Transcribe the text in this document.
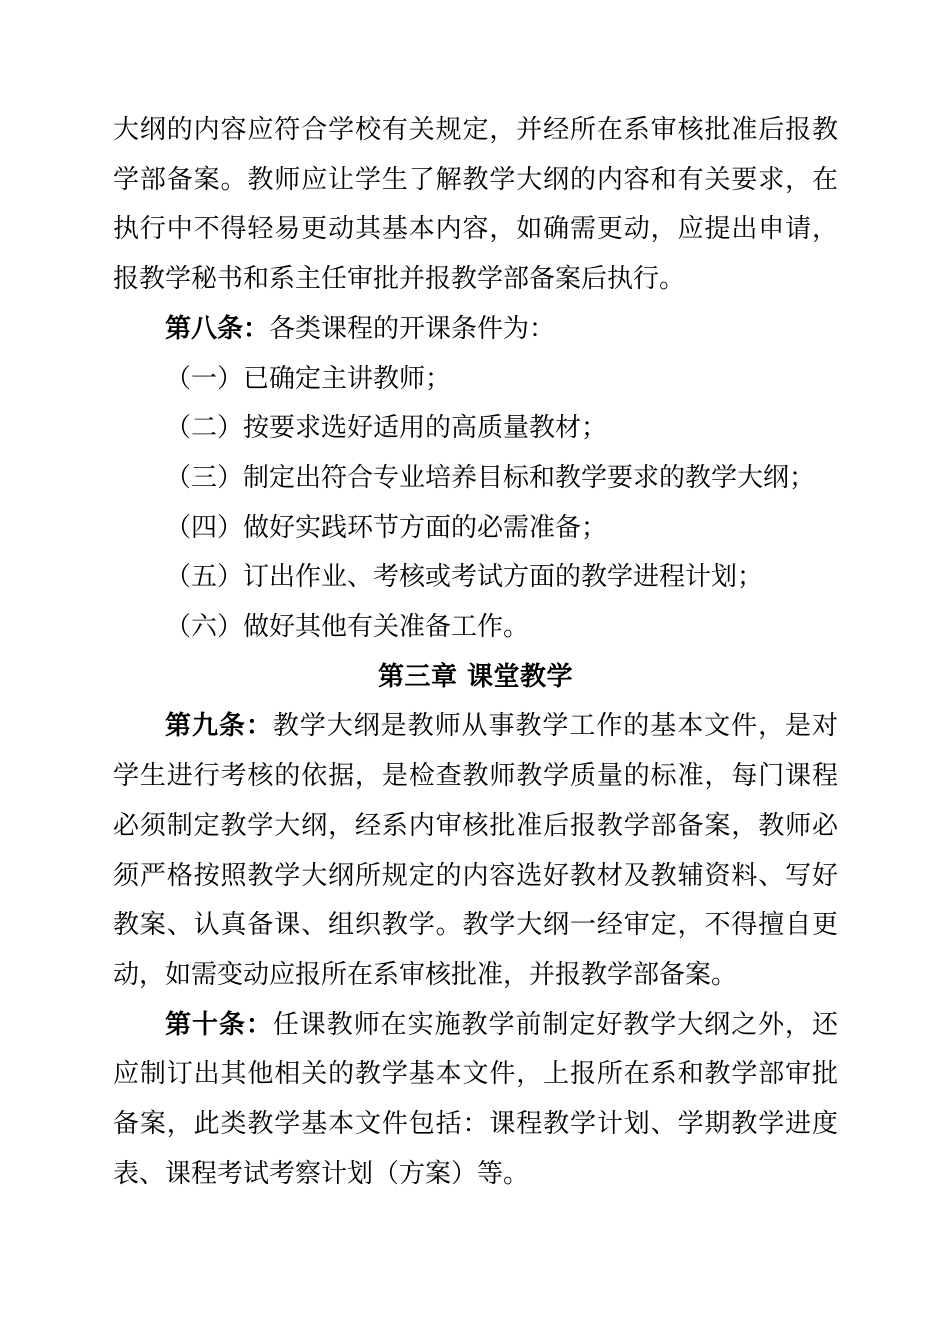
大纲的内容应符合学校有关规定，并经所在系审核批准后报教学部备案。教师应让学生了解教学大纲的内容和有关要求，在执行中不得轻易更动其基本内容，如确需更动，应提出申请，报教学秘书和系主任审批并报教学部备案后执行。

第八条：各类课程的开课条件为：

（一）已确定主讲教师；

（二）按要求选好适用的高质量教材；

（三）制定出符合专业培养目标和教学要求的教学大纲；

（四）做好实践环节方面的必需准备；

（五）订出作业、考核或考试方面的教学进程计划；

（六）做好其他有关准备工作。

第三章 课堂教学

第九条：教学大纲是教师从事教学工作的基本文件，是对学生进行考核的依据，是检查教师教学质量的标准，每门课程必须制定教学大纲，经系内审核批准后报教学部备案，教师必须严格按照教学大纲所规定的内容选好教材及教辅资料、写好教案、认真备课、组织教学。教学大纲一经审定，不得擅自更动，如需变动应报所在系审核批准，并报教学部备案。

第十条：任课教师在实施教学前制定好教学大纲之外，还应制订出其他相关的教学基本文件，上报所在系和教学部审批备案，此类教学基本文件包括：课程教学计划、学期教学进度表、课程考试考察计划（方案）等。
